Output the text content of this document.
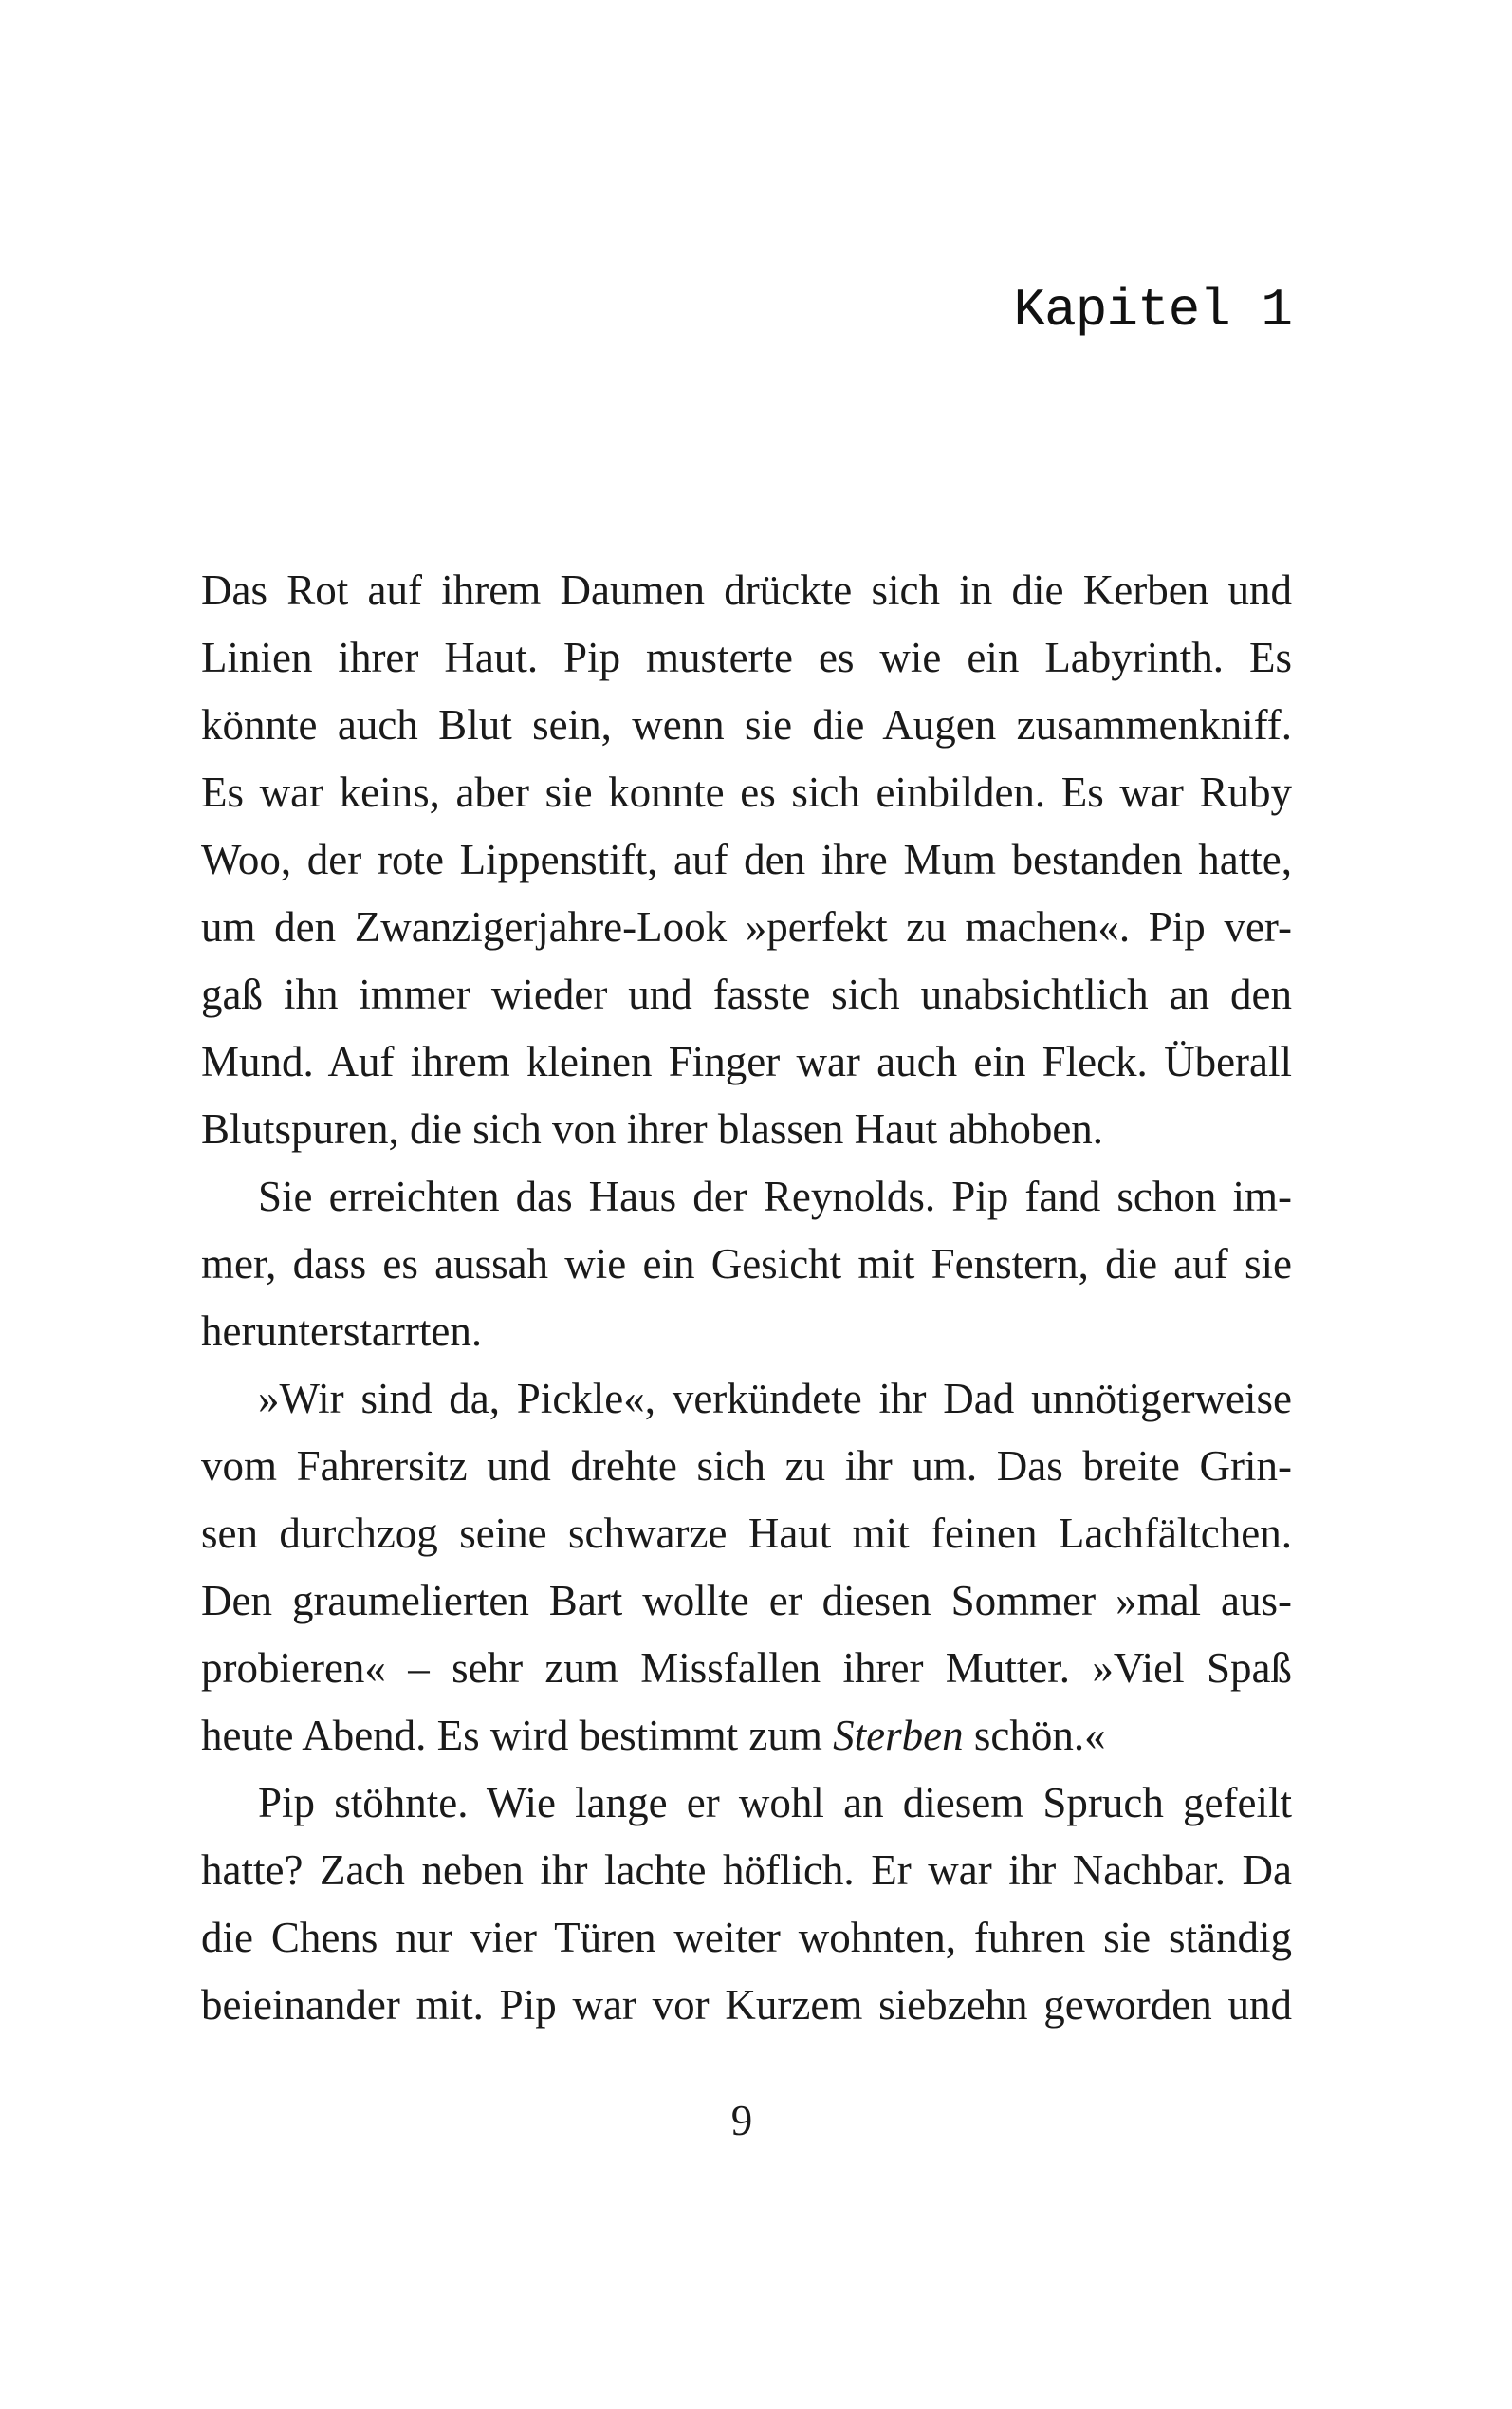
Kapitel 1
Das Rot auf ihrem Daumen drückte sich in die Kerben und
Linien ihrer Haut. Pip musterte es wie ein Labyrinth. Es
könnte auch Blut sein, wenn sie die Augen zusammenkniff.
Es war keins, aber sie konnte es sich einbilden. Es war Ruby
Woo, der rote Lippenstift, auf den ihre Mum bestanden hatte,
um den Zwanzigerjahre-Look »perfekt zu machen«. Pip ver-
gaß ihn immer wieder und fasste sich unabsichtlich an den
Mund. Auf ihrem kleinen Finger war auch ein Fleck. Überall
Blutspuren, die sich von ihrer blassen Haut abhoben.
Sie erreichten das Haus der Reynolds. Pip fand schon im-
mer, dass es aussah wie ein Gesicht mit Fenstern, die auf sie
herunterstarrten.
»Wir sind da, Pickle«, verkündete ihr Dad unnötigerweise
vom Fahrersitz und drehte sich zu ihr um. Das breite Grin-
sen durchzog seine schwarze Haut mit feinen Lachfältchen.
Den graumelierten Bart wollte er diesen Sommer »mal aus-
probieren« – sehr zum Missfallen ihrer Mutter. »Viel Spaß
heute Abend. Es wird bestimmt zum Sterben schön.«
Pip stöhnte. Wie lange er wohl an diesem Spruch gefeilt
hatte? Zach neben ihr lachte höflich. Er war ihr Nachbar. Da
die Chens nur vier Türen weiter wohnten, fuhren sie ständig
beieinander mit. Pip war vor Kurzem siebzehn geworden und
9
